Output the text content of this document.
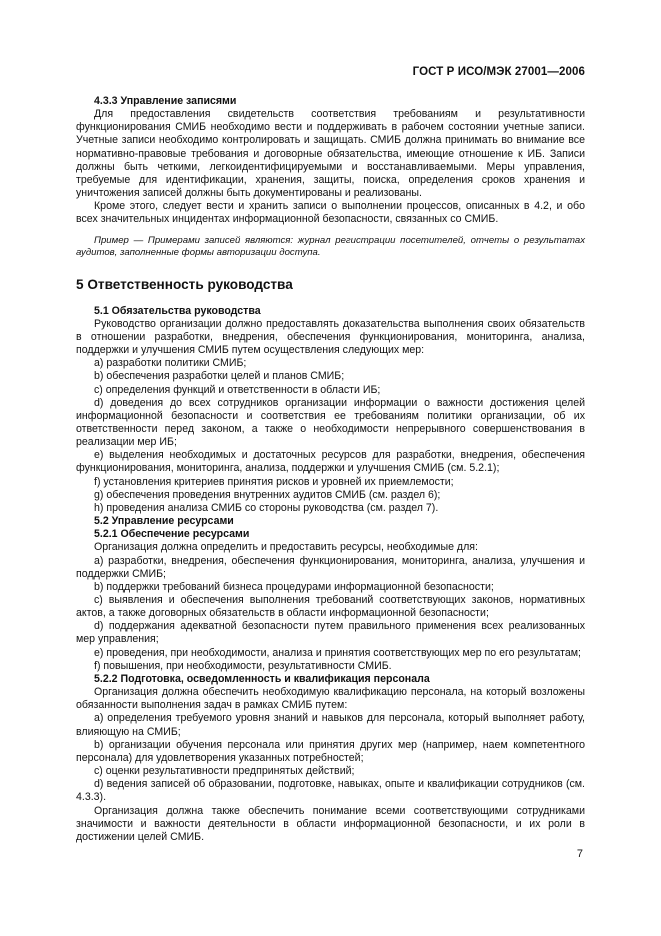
ГОСТ Р ИСО/МЭК 27001—2006

4.3.3 Управление записями

Для предоставления свидетельств соответствия требованиям и результативности функционирования СМИБ необходимо вести и поддерживать в рабочем состоянии учетные записи. Учетные записи необходимо контролировать и защищать. СМИБ должна принимать во внимание все нормативно-правовые требования и договорные обязательства, имеющие отношение к ИБ. Записи должны быть четкими, легкоидентифицируемыми и восстанавливаемыми. Меры управления, требуемые для идентификации, хранения, защиты, поиска, определения сроков хранения и уничтожения записей должны быть документированы и реализованы.

Кроме этого, следует вести и хранить записи о выполнении процессов, описанных в 4.2, и обо всех значительных инцидентах информационной безопасности, связанных со СМИБ.

Пример — Примерами записей являются: журнал регистрации посетителей, отчеты о результатах аудитов, заполненные формы авторизации доступа.

5 Ответственность руководства

5.1 Обязательства руководства

Руководство организации должно предоставлять доказательства выполнения своих обязательств в отношении разработки, внедрения, обеспечения функционирования, мониторинга, анализа, поддержки и улучшения СМИБ путем осуществления следующих мер:

а) разработки политики СМИБ;

b) обеспечения разработки целей и планов СМИБ;

c) определения функций и ответственности в области ИБ;

d) доведения до всех сотрудников организации информации о важности достижения целей информационной безопасности и соответствия ее требованиям политики организации, об их ответственности перед законом, а также о необходимости непрерывного совершенствования в реализации мер ИБ;

e) выделения необходимых и достаточных ресурсов для разработки, внедрения, обеспечения функционирования, мониторинга, анализа, поддержки и улучшения СМИБ (см. 5.2.1);

f) установления критериев принятия рисков и уровней их приемлемости;

g) обеспечения проведения внутренних аудитов СМИБ (см. раздел 6);

h) проведения анализа СМИБ со стороны руководства (см. раздел 7).

5.2 Управление ресурсами

5.2.1 Обеспечение ресурсами

Организация должна определить и предоставить ресурсы, необходимые для:

a) разработки, внедрения, обеспечения функционирования, мониторинга, анализа, улучшения и поддержки СМИБ;

b) поддержки требований бизнеса процедурами информационной безопасности;

c) выявления и обеспечения выполнения требований соответствующих законов, нормативных актов, а также договорных обязательств в области информационной безопасности;

d) поддержания адекватной безопасности путем правильного применения всех реализованных мер управления;

e) проведения, при необходимости, анализа и принятия соответствующих мер по его результатам;

f) повышения, при необходимости, результативности СМИБ.

5.2.2 Подготовка, осведомленность и квалификация персонала

Организация должна обеспечить необходимую квалификацию персонала, на который возложены обязанности выполнения задач в рамках СМИБ путем:

a) определения требуемого уровня знаний и навыков для персонала, который выполняет работу, влияющую на СМИБ;

b) организации обучения персонала или принятия других мер (например, наем компетентного персонала) для удовлетворения указанных потребностей;

c) оценки результативности предпринятых действий;

d) ведения записей об образовании, подготовке, навыках, опыте и квалификации сотрудников (см. 4.3.3).

Организация должна также обеспечить понимание всеми соответствующими сотрудниками значимости и важности деятельности в области информационной безопасности, и их роли в достижении целей СМИБ.

7
